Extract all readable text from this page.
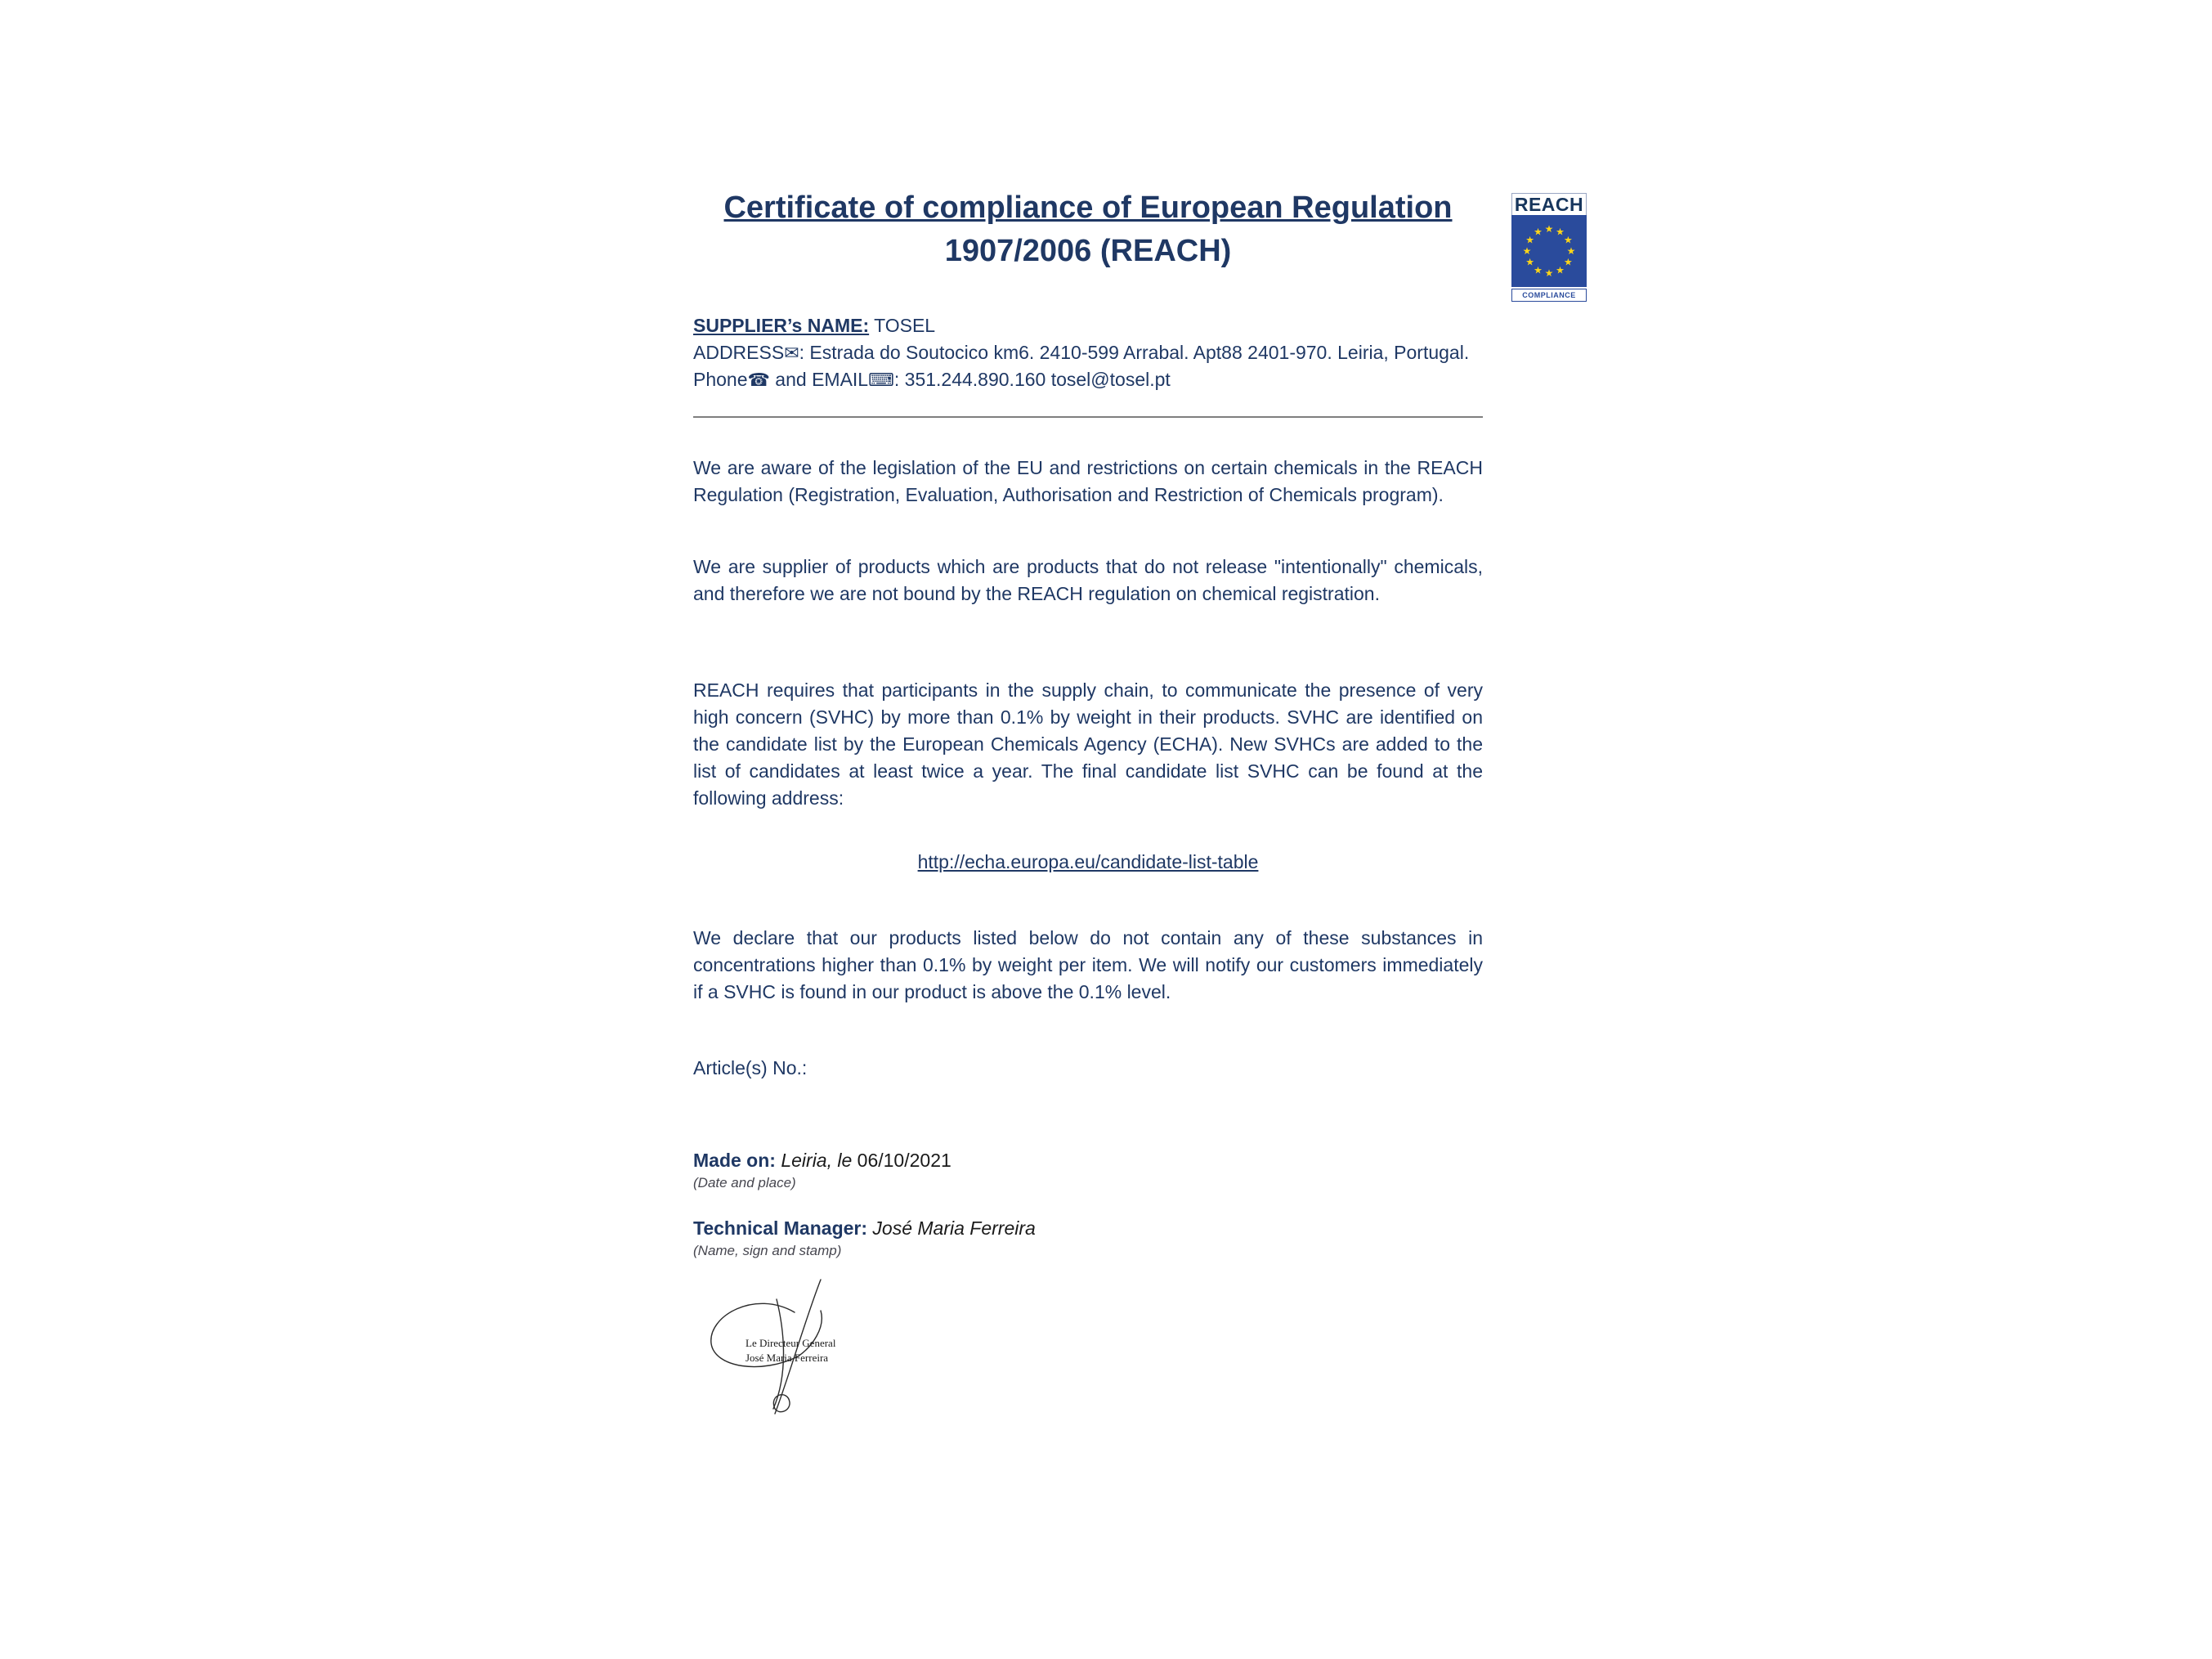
REACH
★ ★
★
★
★
★
★
★
★
★
★
★
COMPLIANCE
Certificate of compliance of European Regulation
1907/2006 (REACH)
SUPPLIER’s NAME: TOSEL
ADDRESS✉: Estrada do Soutocico km6. 2410-599 Arrabal. Apt88 2401-970. Leiria, Portugal.
Phone☎ and EMAIL⌨: 351.244.890.160 tosel@tosel.pt

We are aware of the legislation of the EU and restrictions on certain chemicals in the REACH Regulation (Registration, Evaluation, Authorisation and Restriction of Chemicals program).

We are supplier of products which are products that do not release "intentionally" chemicals, and therefore we are not bound by the REACH regulation on chemical registration.

REACH requires that participants in the supply chain, to communicate the presence of very high concern (SVHC) by more than 0.1% by weight in their products. SVHC are identified on the candidate list by the European Chemicals Agency (ECHA). New SVHCs are added to the list of candidates at least twice a year. The final candidate list SVHC can be found at the following address:

http://echa.europa.eu/candidate-list-table

We declare that our products listed below do not contain any of these substances in concentrations higher than 0.1% by weight per item. We will notify our customers immediately if a SVHC is found in our product is above the 0.1% level.

Article(s) No.:
Made on: Leiria, le 06/10/2021
(Date and place)
Technical Manager: José Maria Ferreira
(Name, sign and stamp)
Le Directeur General
José Maria Ferreira
